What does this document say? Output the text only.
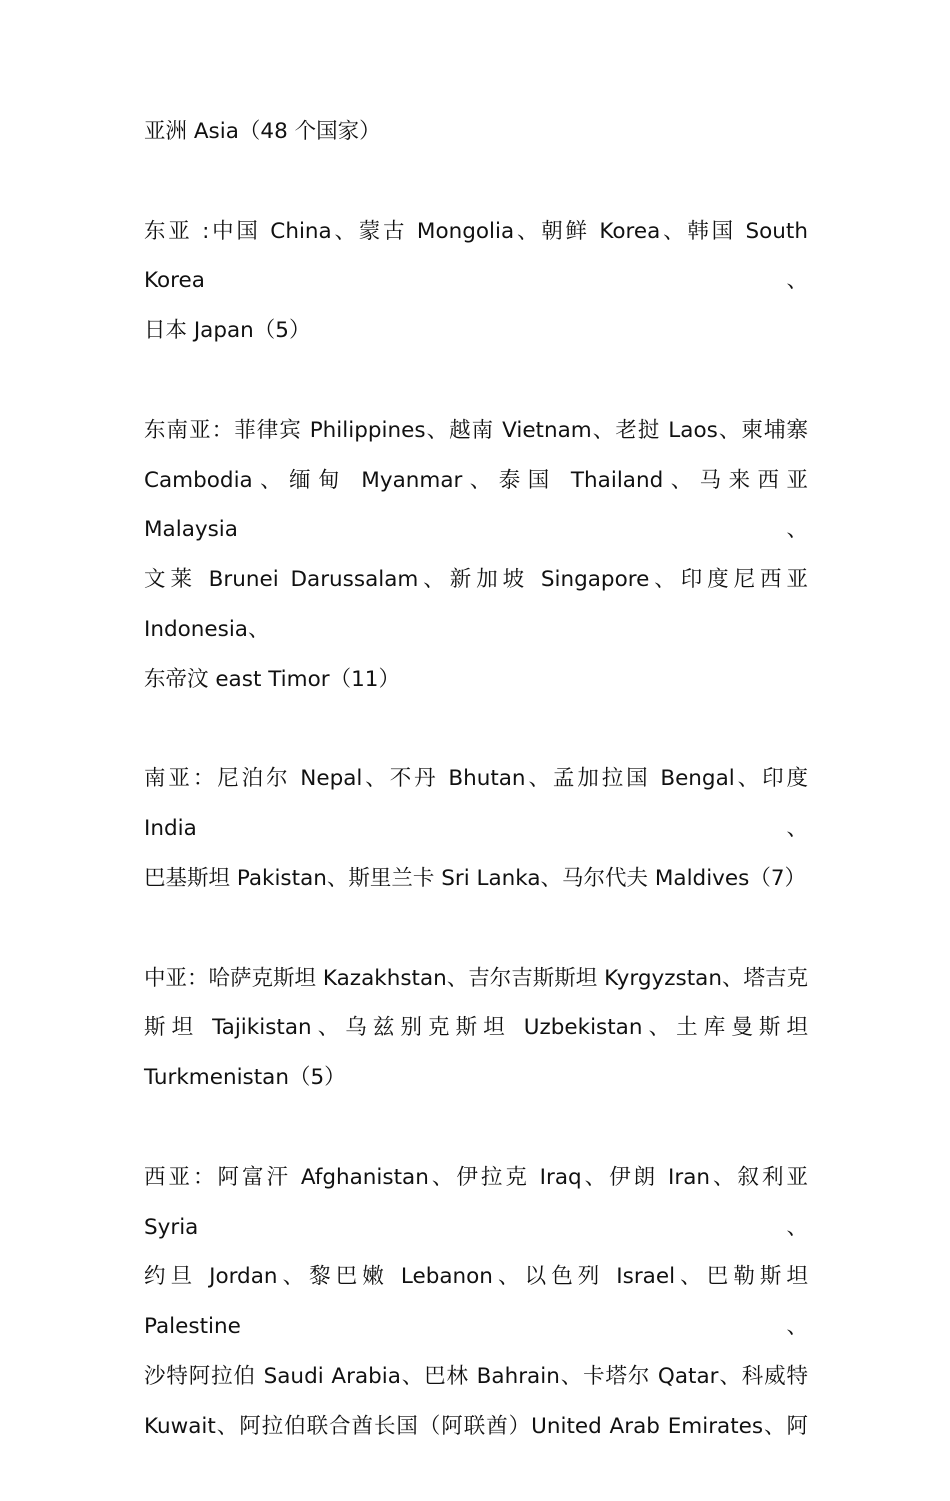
亚洲 Asia（48 个国家）

东亚 :中国 China、蒙古 Mongolia、朝鲜 Korea、韩国 South Korea、
日本 Japan（5）

东南亚：菲律宾 Philippines、越南 Vietnam、老挝 Laos、柬埔寨
Cambodia、缅甸 Myanmar、泰国 Thailand、马来西亚 Malaysia、
文莱 Brunei Darussalam、新加坡 Singapore、印度尼西亚
Indonesia、
东帝汶 east Timor（11）

南亚：尼泊尔 Nepal、不丹 Bhutan、孟加拉国 Bengal、印度 India、
巴基斯坦 Pakistan、斯里兰卡 Sri Lanka、马尔代夫 Maldives（7）

中亚：哈萨克斯坦 Kazakhstan、吉尔吉斯斯坦 Kyrgyzstan、塔吉克
斯坦 Tajikistan、乌兹别克斯坦 Uzbekistan、土库曼斯坦
Turkmenistan（5）

西亚：阿富汗 Afghanistan、伊拉克 Iraq、伊朗 Iran、叙利亚 Syria、
约旦 Jordan、黎巴嫩 Lebanon、以色列 Israel、巴勒斯坦 Palestine、
沙特阿拉伯 Saudi Arabia、巴林 Bahrain、卡塔尔 Qatar、科威特
Kuwait、阿拉伯联合酋长国（阿联酋）United Arab Emirates、阿
